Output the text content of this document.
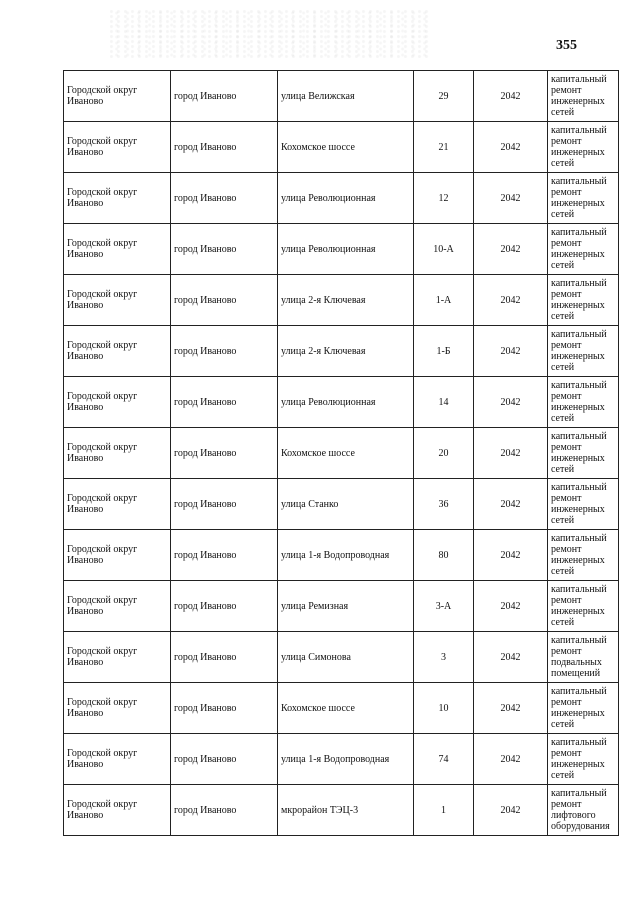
355
Городской округ Иваново	город Иваново	улица Велижская	29	2042	капитальный
ремонт
инженерных
сетей

Городской округ Иваново	город Иваново	Кохомское шоссе	21	2042	капитальный
ремонт
инженерных
сетей

Городской округ Иваново	город Иваново	улица Революционная	12	2042	капитальный
ремонт
инженерных
сетей

Городской округ Иваново	город Иваново	улица Революционная	10-А	2042	капитальный
ремонт
инженерных
сетей

Городской округ Иваново	город Иваново	улица 2-я Ключевая	1-А	2042	капитальный
ремонт
инженерных
сетей

Городской округ Иваново	город Иваново	улица 2-я Ключевая	1-Б	2042	капитальный
ремонт
инженерных
сетей

Городской округ Иваново	город Иваново	улица Революционная	14	2042	капитальный
ремонт
инженерных
сетей

Городской округ Иваново	город Иваново	Кохомское шоссе	20	2042	капитальный
ремонт
инженерных
сетей

Городской округ Иваново	город Иваново	улица Станко	36	2042	капитальный
ремонт
инженерных
сетей

Городской округ Иваново	город Иваново	улица 1-я Водопроводная	80	2042	капитальный
ремонт
инженерных
сетей

Городской округ Иваново	город Иваново	улица Ремизная	3-А	2042	капитальный
ремонт
инженерных
сетей

Городской округ Иваново	город Иваново	улица Симонова	3	2042	капитальный
ремонт
подвальных
помещений

Городской округ Иваново	город Иваново	Кохомское шоссе	10	2042	капитальный
ремонт
инженерных
сетей

Городской округ Иваново	город Иваново	улица 1-я Водопроводная	74	2042	капитальный
ремонт
инженерных
сетей

Городской округ Иваново	город Иваново	мкрорайон ТЭЦ-3	1	2042	капитальный
ремонт
лифтового
оборудования
